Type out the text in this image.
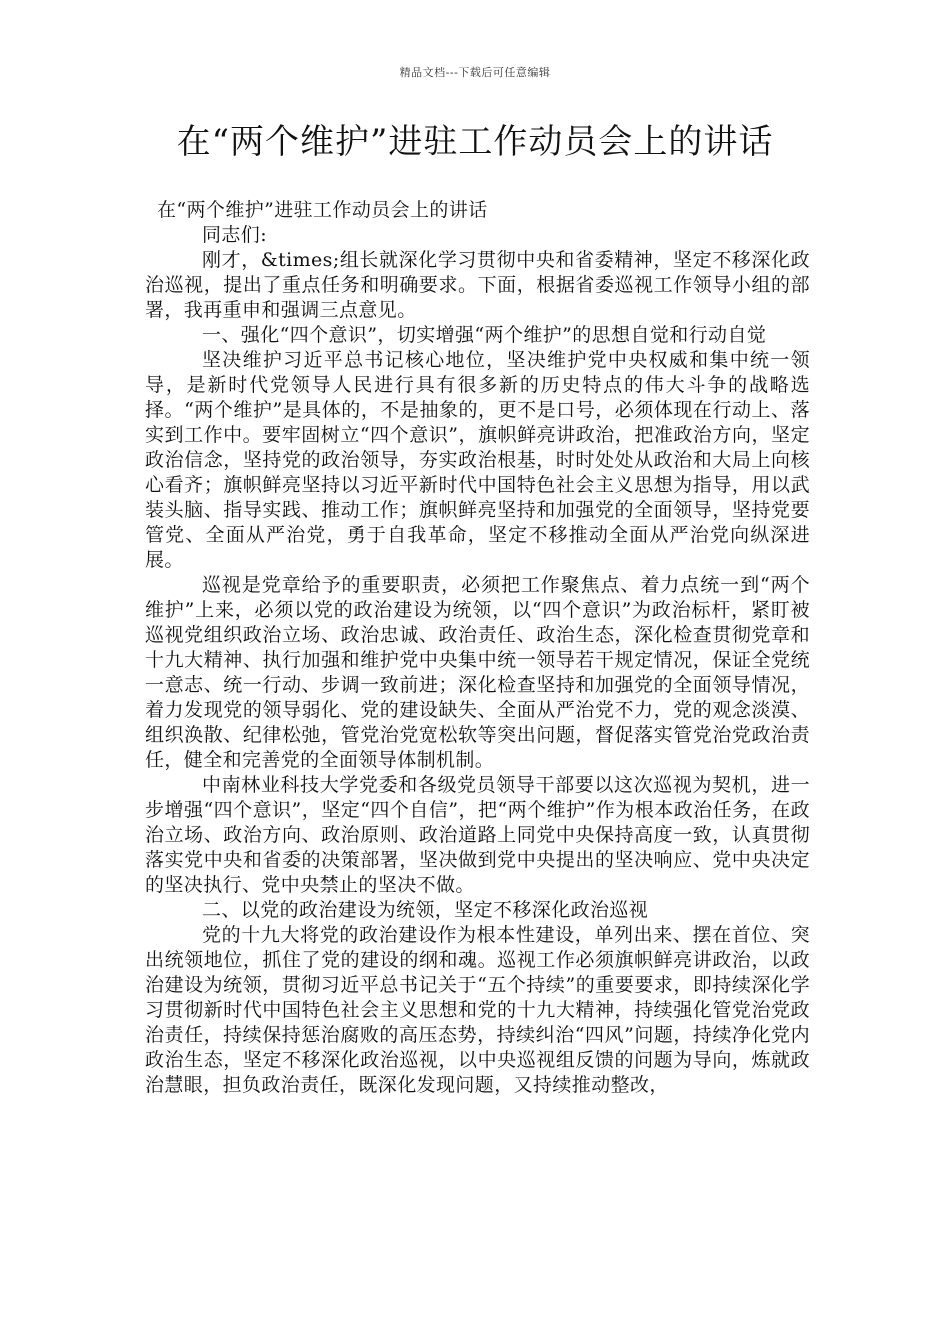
精品文档---下载后可任意编辑
在“两个维护”进驻工作动员会上的讲话

在“两个维护”进驻工作动员会上的讲话

同志们:

刚才，&times;组长就深化学习贯彻中央和省委精神，坚定不移深化政治巡视，提出了重点任务和明确要求。下面，根据省委巡视工作领导小组的部署，我再重申和强调三点意见。

一、强化“四个意识”，切实增强“两个维护”的思想自觉和行动自觉

坚决维护习近平总书记核心地位，坚决维护党中央权威和集中统一领导，是新时代党领导人民进行具有很多新的历史特点的伟大斗争的战略选择。“两个维护”是具体的，不是抽象的，更不是口号，必须体现在行动上、落实到工作中。要牢固树立“四个意识”，旗帜鲜亮讲政治，把准政治方向，坚定政治信念，坚持党的政治领导，夯实政治根基，时时处处从政治和大局上向核心看齐；旗帜鲜亮坚持以习近平新时代中国特色社会主义思想为指导，用以武装头脑、指导实践、推动工作；旗帜鲜亮坚持和加强党的全面领导，坚持党要管党、全面从严治党，勇于自我革命，坚定不移推动全面从严治党向纵深进展。

巡视是党章给予的重要职责，必须把工作聚焦点、着力点统一到“两个维护”上来，必须以党的政治建设为统领，以“四个意识”为政治标杆，紧盯被巡视党组织政治立场、政治忠诚、政治责任、政治生态，深化检查贯彻党章和十九大精神、执行加强和维护党中央集中统一领导若干规定情况，保证全党统一意志、统一行动、步调一致前进；深化检查坚持和加强党的全面领导情况，着力发现党的领导弱化、党的建设缺失、全面从严治党不力，党的观念淡漠、组织涣散、纪律松弛，管党治党宽松软等突出问题，督促落实管党治党政治责任，健全和完善党的全面领导体制机制。

中南林业科技大学党委和各级党员领导干部要以这次巡视为契机，进一步增强“四个意识”，坚定“四个自信”，把“两个维护”作为根本政治任务，在政治立场、政治方向、政治原则、政治道路上同党中央保持高度一致，认真贯彻落实党中央和省委的决策部署，坚决做到党中央提出的坚决响应、党中央决定的坚决执行、党中央禁止的坚决不做。

二、以党的政治建设为统领，坚定不移深化政治巡视

党的十九大将党的政治建设作为根本性建设，单列出来、摆在首位、突出统领地位，抓住了党的建设的纲和魂。巡视工作必须旗帜鲜亮讲政治，以政治建设为统领，贯彻习近平总书记关于“五个持续”的重要要求，即持续深化学习贯彻新时代中国特色社会主义思想和党的十九大精神，持续强化管党治党政治责任，持续保持惩治腐败的高压态势，持续纠治“四风”问题，持续净化党内政治生态，坚定不移深化政治巡视，以中央巡视组反馈的问题为导向，炼就政治慧眼，担负政治责任，既深化发现问题，又持续推动整改，
